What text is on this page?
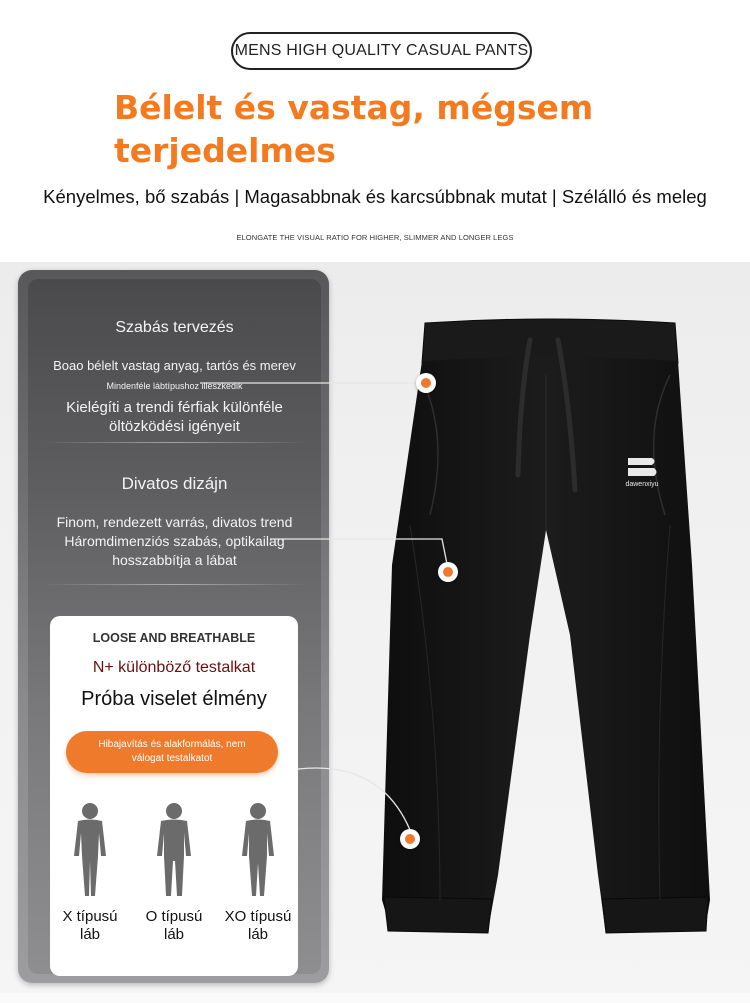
MENS HIGH QUALITY CASUAL PANTS
Bélelt és vastag, mégsem terjedelmes
Kényelmes, bő szabás | Magasabbnak és karcsúbbnak mutat | Szélálló és meleg
ELONGATE THE VISUAL RATIO FOR HIGHER, SLIMMER AND LONGER LEGS
dawenxiyu
Szabás tervezés
Boao bélelt vastag anyag, tartós és merev
Mindenféle lábtípushoz illeszkedik
Kielégíti a trendi férfiak különféle
öltözködési igényeit
Divatos dizájn
Finom, rendezett varrás, divatos trend
Háromdimenziós szabás, optikailag
hosszabbítja a lábat
LOOSE AND BREATHABLE
N+ különböző testalkat
Próba viselet élmény
Hibajavítás és alakformálás, nem
válogat testalkatot
X típusú
láb
O típusú
láb
XO típusú
láb
